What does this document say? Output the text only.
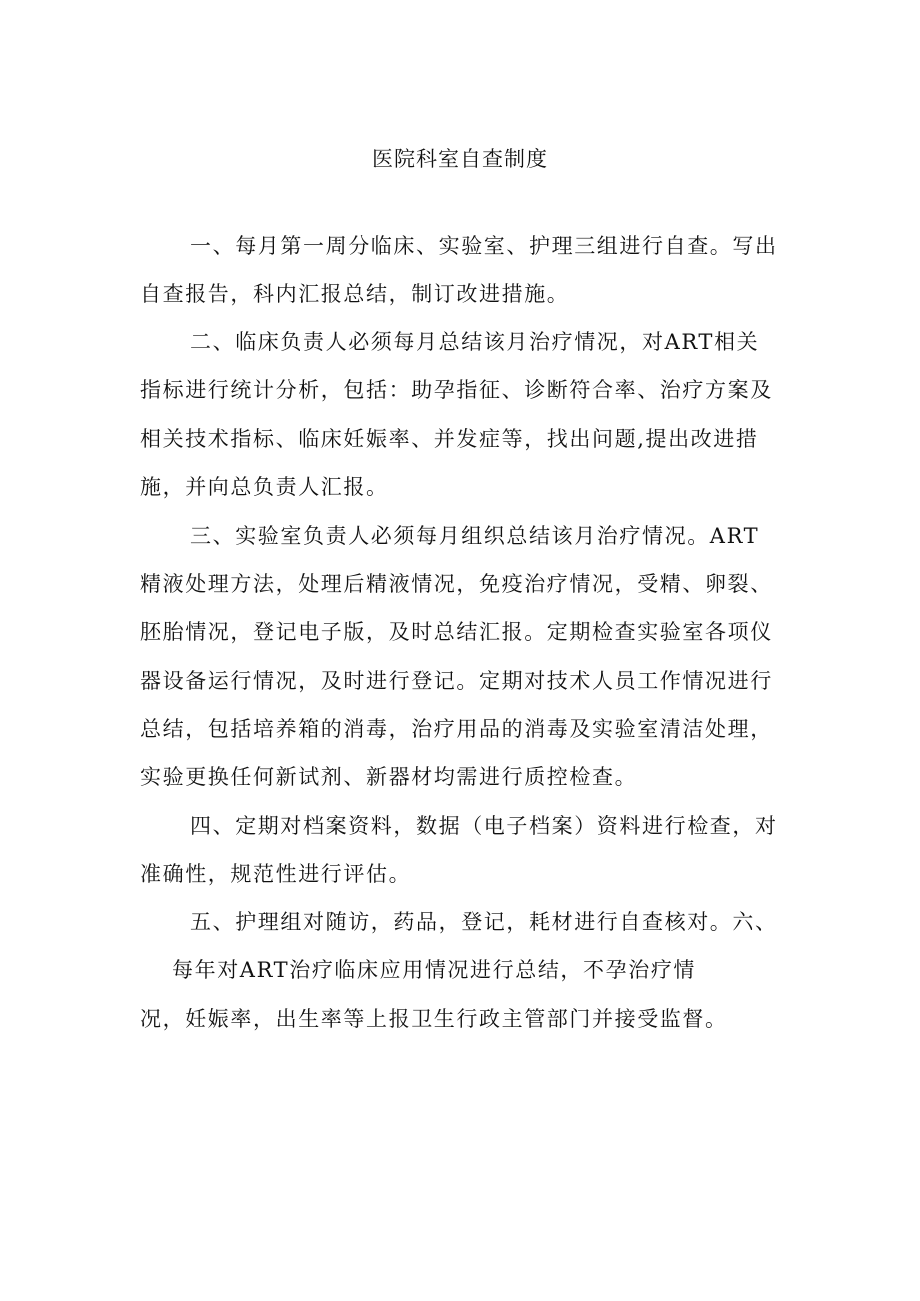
医院科室自查制度
一、每月第一周分临床、实验室、护理三组进行自查。写出
自查报告，科内汇报总结，制订改进措施。
二、临床负责人必须每月总结该月治疗情况，对ART相关
指标进行统计分析，包括：助孕指征、诊断符合率、治疗方案及
相关技术指标、临床妊娠率、并发症等，找出问题,提出改进措
施，并向总负责人汇报。
三、实验室负责人必须每月组织总结该月治疗情况。ART
精液处理方法，处理后精液情况，免疫治疗情况，受精、卵裂、
胚胎情况，登记电子版，及时总结汇报。定期检查实验室各项仪
器设备运行情况，及时进行登记。定期对技术人员工作情况进行
总结，包括培养箱的消毒，治疗用品的消毒及实验室清洁处理，
实验更换任何新试剂、新器材均需进行质控检查。
四、定期对档案资料，数据（电子档案）资料进行检查，对
准确性，规范性进行评估。
五、护理组对随访，药品，登记，耗材进行自查核对。六、
每年对ART治疗临床应用情况进行总结，不孕治疗情
况，妊娠率，出生率等上报卫生行政主管部门并接受监督。
